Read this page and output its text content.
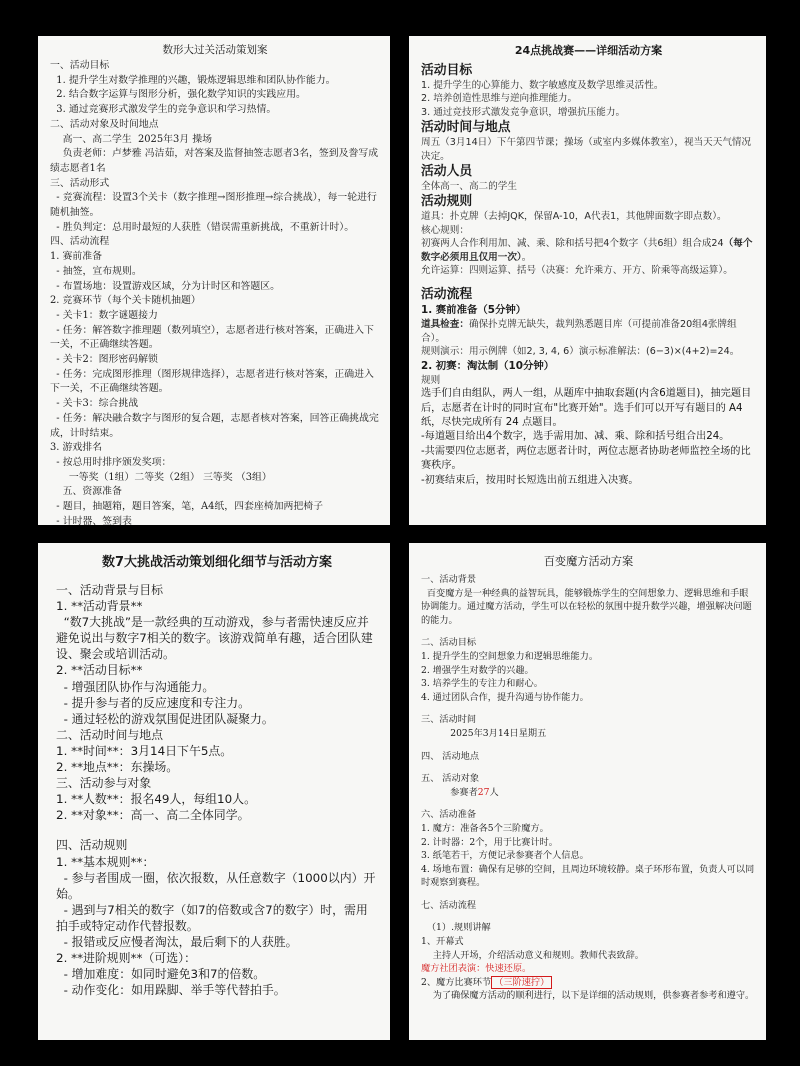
数形大过关活动策划案
一、活动目标
1. 提升学生对数学推理的兴趣，锻炼逻辑思维和团队协作能力。
2. 结合数字运算与图形分析，强化数学知识的实践应用。
3. 通过竞赛形式激发学生的竞争意识和学习热情。
二、活动对象及时间地点
高一、高二学生  2025年3月 操场
负责老师：卢梦雅 冯洁茹，对答案及监督抽签志愿者3名，签到及誊写成绩志愿者1名
三、活动形式
- 竞赛流程：设置3个关卡（数字推理→图形推理→综合挑战），每一轮进行随机抽签。
- 胜负判定：总用时最短的人获胜（错误需重新挑战，不重新计时）。
四、活动流程
1. 赛前准备
- 抽签，宣布规则。
- 布置场地：设置游戏区域，分为计时区和答题区。
2. 竞赛环节（每个关卡随机抽题）
- 关卡1：数字谜题接力
- 任务：解答数字推理题（数列填空），志愿者进行核对答案，正确进入下一关，不正确继续答题。
- 关卡2：图形密码解锁
- 任务：完成图形推理（图形规律选择），志愿者进行核对答案，正确进入下一关，不正确继续答题。
- 关卡3：综合挑战
- 任务：解决融合数字与图形的复合题，志愿者核对答案，回答正确挑战完成，计时结束。
3. 游戏排名
- 按总用时排序颁发奖项：
一等奖（1组）二等奖（2组） 三等奖 （3组）
五、资源准备
- 题目，抽题箱，题目答案，笔，A4纸，四套座椅加两把椅子
- 计时器、签到表
24点挑战赛——详细活动方案
活动目标
1. 提升学生的心算能力、数字敏感度及数学思维灵活性。
2. 培养创造性思维与逆向推理能力。
3. 通过竞技形式激发竞争意识，增强抗压能力。
活动时间与地点
周五（3月14日）下午第四节课；操场（或室内多媒体教室），视当天天气情况决定。
活动人员
全体高一、高二的学生
活动规则
道具：扑克牌（去掉JQK，保留A-10，A代表1，其他牌面数字即点数）。
核心规则：
初赛两人合作利用加、减、乘、除和括号把4个数字（共6组）组合成24（每个数字必须用且仅用一次）。
允许运算：四则运算、括号（决赛：允许乘方、开方、阶乘等高级运算）。
活动流程
1. 赛前准备（5分钟）
道具检查：确保扑克牌无缺失，裁判熟悉题目库（可提前准备20组4张牌组合）。
规则演示：用示例牌（如2, 3, 4, 6）演示标准解法：(6−3)×(4+2)=24。
2. 初赛：淘汰制（10分钟）
规则
选手们自由组队，两人一组，从题库中抽取套题(内含6道题目)，抽完题目后，志愿者在计时的同时宣布"比赛开始"。选手们可以开写有题目的 A4 纸，尽快完成所有 24 点题目。
-每道题目给出4个数字，选手需用加、减、乘、除和括号组合出24。
-共需要四位志愿者，两位志愿者计时，两位志愿者协助老师监控全场的比赛秩序。
-初赛结束后，按用时长短选出前五组进入决赛。
数7大挑战活动策划细化细节与活动方案
一、活动背景与目标
1. **活动背景**
“数7大挑战”是一款经典的互动游戏，参与者需快速反应并避免说出与数字7相关的数字。该游戏简单有趣，适合团队建设、聚会或培训活动。
2. **活动目标**
- 增强团队协作与沟通能力。
- 提升参与者的反应速度和专注力。
- 通过轻松的游戏氛围促进团队凝聚力。
二、活动时间与地点
1. **时间**：3月14日下午5点。
2. **地点**：东操场。
三、活动参与对象
1. **人数**：报名49人，每组10人。
2. **对象**：高一、高二全体同学。
四、活动规则
1. **基本规则**：
- 参与者围成一圈，依次报数，从任意数字（1000以内）开始。
- 遇到与7相关的数字（如7的倍数或含7的数字）时，需用拍手或特定动作代替报数。
- 报错或反应慢者淘汰，最后剩下的人获胜。
2. **进阶规则**（可选）：
- 增加难度：如同时避免3和7的倍数。
- 动作变化：如用跺脚、举手等代替拍手。
百变魔方活动方案
一、活动背景
百变魔方是一种经典的益智玩具，能够锻炼学生的空间想象力、逻辑思维和手眼协调能力。通过魔方活动，学生可以在轻松的氛围中提升数学兴趣，增强解决问题的能力。
二、活动目标
1. 提升学生的空间想象力和逻辑思维能力。
2. 增强学生对数学的兴趣。
3. 培养学生的专注力和耐心。
4. 通过团队合作，提升沟通与协作能力。
三、活动时间
2025年3月14日星期五
四、 活动地点
五、 活动对象
参赛者27人
六、活动准备
1. 魔方：准备各5个三阶魔方。
2. 计时器：2个，用于比赛计时。
3. 纸笔若干，方便记录参赛者个人信息。
4. 场地布置：确保有足够的空间，且周边环境较静。桌子环形布置，负责人可以同时观察到赛程。
七、活动流程
（1）.规则讲解
1、开幕式
主持人开场，介绍活动意义和规则。教师代表致辞。
魔方社团表演：快速还原。
2、魔方比赛环节 （三阶速拧）
为了确保魔方活动的顺利进行，以下是详细的活动规则，供参赛者参考和遵守。
